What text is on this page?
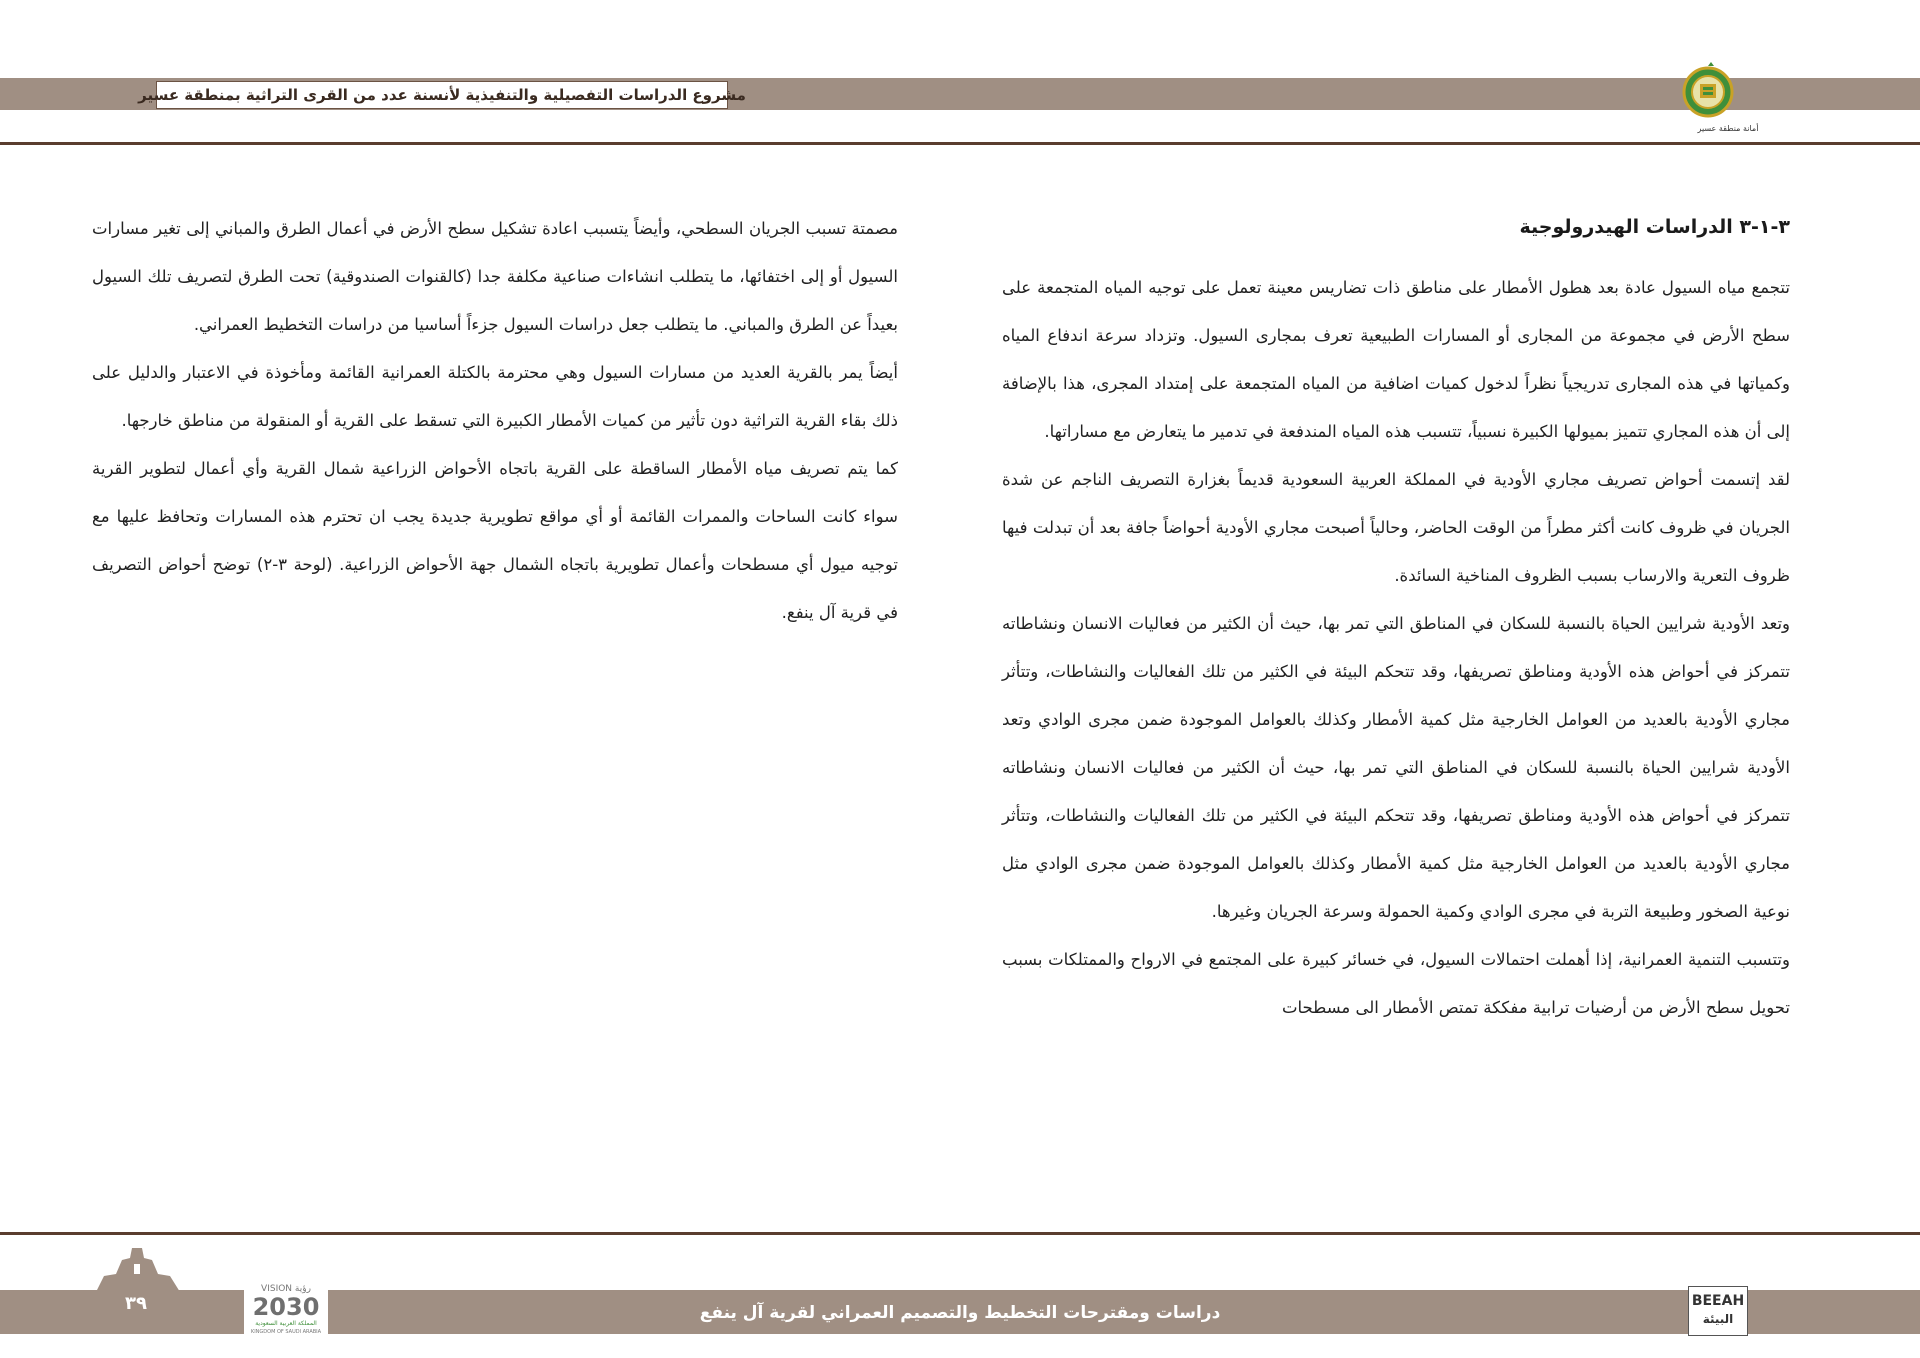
مشروع الدراسات التفصيلية والتنفيذية لأنسنة عدد من القرى التراثية بمنطقة عسير
أمانة منطقة عسير
٣-١-٣ الدراسات الهيدرولوجية

تتجمع مياه السيول عادة بعد هطول الأمطار على مناطق ذات تضاريس معينة تعمل على توجيه المياه المتجمعة على سطح الأرض في مجموعة من المجارى أو المسارات الطبيعية تعرف بمجارى السيول. وتزداد سرعة اندفاع المياه وكمياتها في هذه المجارى تدريجياً نظراً لدخول كميات اضافية من المياه المتجمعة على إمتداد المجرى، هذا بالإضافة إلى أن هذه المجاري تتميز بميولها الكبيرة نسبياً، تتسبب هذه المياه المندفعة في تدمير ما يتعارض مع مساراتها.

لقد إتسمت أحواض تصريف مجاري الأودية في المملكة العربية السعودية قديماً بغزارة التصريف الناجم عن شدة الجريان في ظروف كانت أكثر مطراً من الوقت الحاضر، وحالياً أصبحت مجاري الأودية أحواضاً جافة بعد أن تبدلت فيها ظروف التعرية والارساب بسبب الظروف المناخية السائدة.

وتعد الأودية شرايين الحياة بالنسبة للسكان في المناطق التي تمر بها، حيث أن الكثير من فعاليات الانسان ونشاطاته تتمركز في أحواض هذه الأودية ومناطق تصريفها، وقد تتحكم البيئة في الكثير من تلك الفعاليات والنشاطات، وتتأثر مجاري الأودية بالعديد من العوامل الخارجية مثل كمية الأمطار وكذلك بالعوامل الموجودة ضمن مجرى الوادي وتعد الأودية شرايين الحياة بالنسبة للسكان في المناطق التي تمر بها، حيث أن الكثير من فعاليات الانسان ونشاطاته تتمركز في أحواض هذه الأودية ومناطق تصريفها، وقد تتحكم البيئة في الكثير من تلك الفعاليات والنشاطات، وتتأثر مجاري الأودية بالعديد من العوامل الخارجية مثل كمية الأمطار وكذلك بالعوامل الموجودة ضمن مجرى الوادي مثل نوعية الصخور وطبيعة التربة في مجرى الوادي وكمية الحمولة وسرعة الجريان وغيرها.

وتتسبب التنمية العمرانية، إذا أهملت احتمالات السيول، في خسائر كبيرة على المجتمع في الارواح والممتلكات بسبب تحويل سطح الأرض من أرضيات ترابية مفككة تمتص الأمطار الى مسطحات

مصمتة تسبب الجريان السطحي، وأيضاً يتسبب اعادة تشكيل سطح الأرض في أعمال الطرق والمباني إلى تغير مسارات السيول أو إلى اختفائها، ما يتطلب انشاءات صناعية مكلفة جدا (كالقنوات الصندوقية) تحت الطرق لتصريف تلك السيول بعيداً عن الطرق والمباني. ما يتطلب جعل دراسات السيول جزءاً أساسيا من دراسات التخطيط العمراني.

أيضاً يمر بالقرية العديد من مسارات السيول وهي محترمة بالكتلة العمرانية القائمة ومأخوذة في الاعتبار والدليل على ذلك بقاء القرية التراثية دون تأثير من كميات الأمطار الكبيرة التي تسقط على القرية أو المنقولة من مناطق خارجها.

كما يتم تصريف مياه الأمطار الساقطة على القرية باتجاه الأحواض الزراعية شمال القرية وأي أعمال لتطوير القرية سواء كانت الساحات والممرات القائمة أو أي مواقع تطويرية جديدة يجب ان تحترم هذه المسارات وتحافظ عليها مع توجيه ميول أي مسطحات وأعمال تطويرية باتجاه الشمال جهة الأحواض الزراعية. (لوحة ٣-٢) توضح أحواض التصريف في قرية آل ينفع.

٣٩
VISION رؤية
2030
المملكة العربية السعودية
KINGDOM OF SAUDI ARABIA
دراسات ومقترحات التخطيط والتصميم العمراني لقرية آل ينفع
BEEAH
البيئة
